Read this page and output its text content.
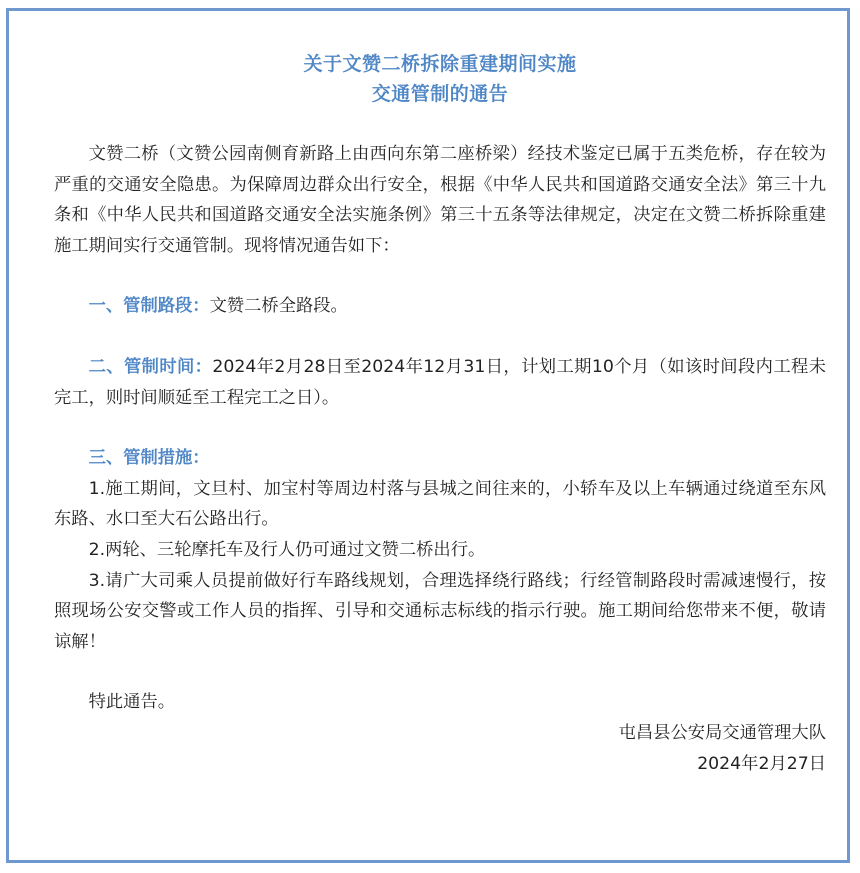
关于文赞二桥拆除重建期间实施
交通管制的通告

文赞二桥（文赞公园南侧育新路上由西向东第二座桥梁）经技术鉴定已属于五类危桥，存在较为严重的交通安全隐患。为保障周边群众出行安全，根据《中华人民共和国道路交通安全法》第三十九条和《中华人民共和国道路交通安全法实施条例》第三十五条等法律规定，决定在文赞二桥拆除重建施工期间实行交通管制。现将情况通告如下：

一、管制路段：文赞二桥全路段。

二、管制时间：2024年2月28日至2024年12月31日，计划工期10个月（如该时间段内工程未完工，则时间顺延至工程完工之日）。

三、管制措施：

1.施工期间，文旦村、加宝村等周边村落与县城之间往来的，小轿车及以上车辆通过绕道至东风东路、水口至大石公路出行。

2.两轮、三轮摩托车及行人仍可通过文赞二桥出行。

3.请广大司乘人员提前做好行车路线规划，合理选择绕行路线；行经管制路段时需减速慢行，按照现场公安交警或工作人员的指挥、引导和交通标志标线的指示行驶。施工期间给您带来不便，敬请谅解！

特此通告。

屯昌县公安局交通管理大队
2024年2月27日
